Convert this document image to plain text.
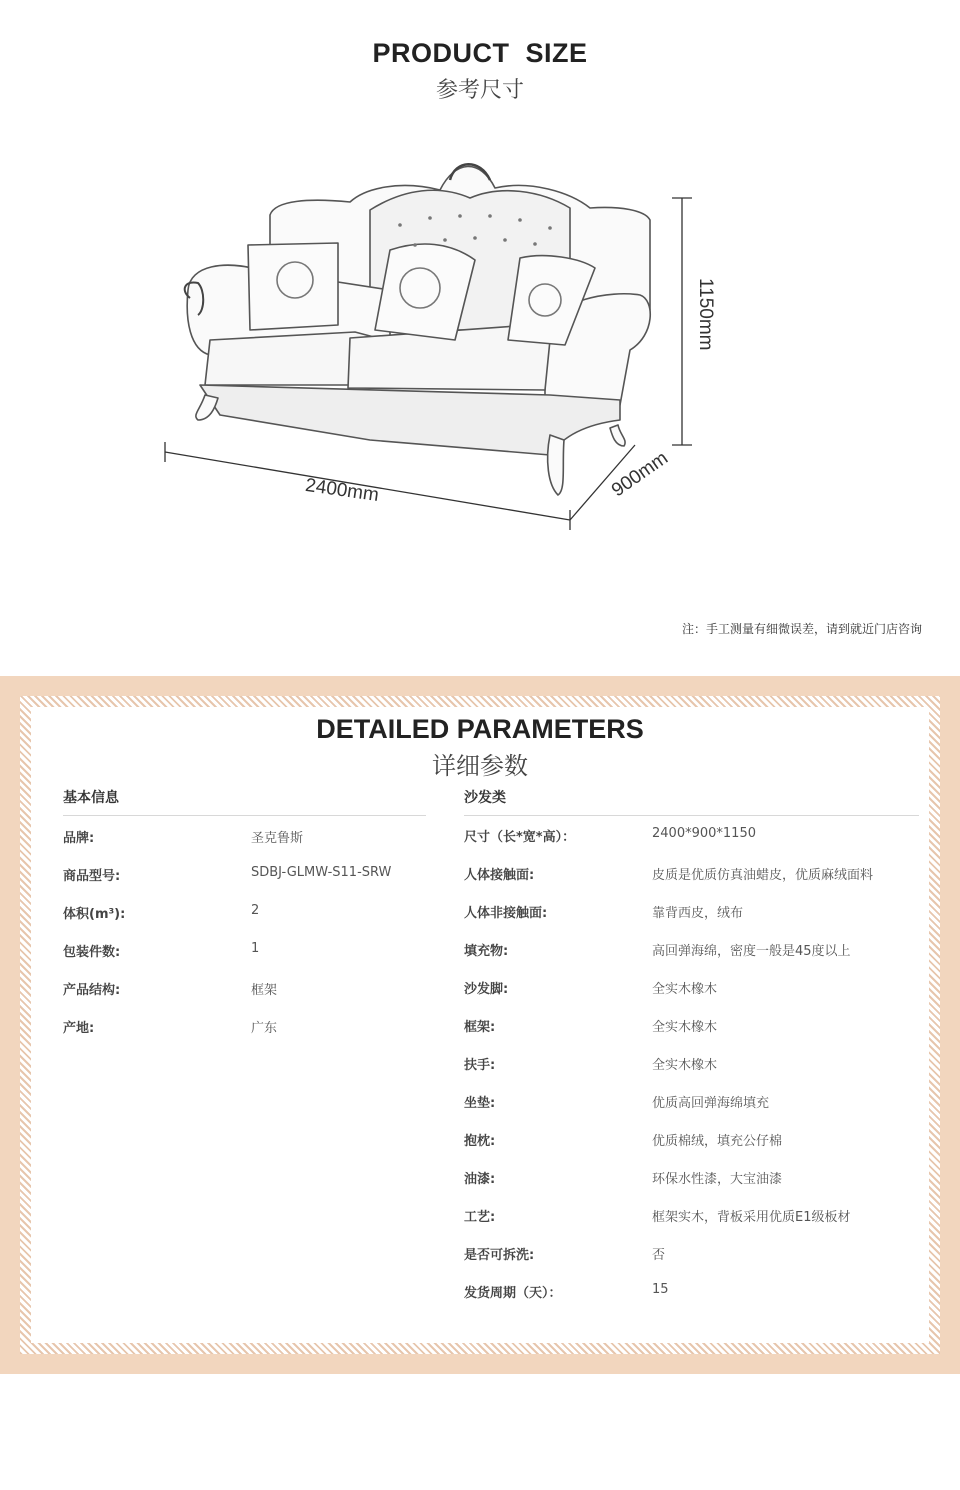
PRODUCT SIZE
参考尺寸
2400mm	900mm
1150mm
注：手工测量有细微误差，请到就近门店咨询
DETAILED PARAMETERS
详细参数
基本信息
品牌:	圣克鲁斯
商品型号:	SDBJ-GLMW-S11-SRW
体积(m³):	2
包装件数:	1
产品结构:	框架
产地:	广东
沙发类
尺寸（长*宽*高）：	2400*900*1150
人体接触面:	皮质是优质仿真油蜡皮，优质麻绒面料
人体非接触面:	靠背西皮，绒布
填充物:	高回弹海绵，密度一般是45度以上
沙发脚:	全实木橡木
框架:	全实木橡木
扶手:	全实木橡木
坐垫:	优质高回弹海绵填充
抱枕:	优质棉绒，填充公仔棉
油漆:	环保水性漆，大宝油漆
工艺:	框架实木，背板采用优质E1级板材
是否可拆洗:	否
发货周期（天）：	15
